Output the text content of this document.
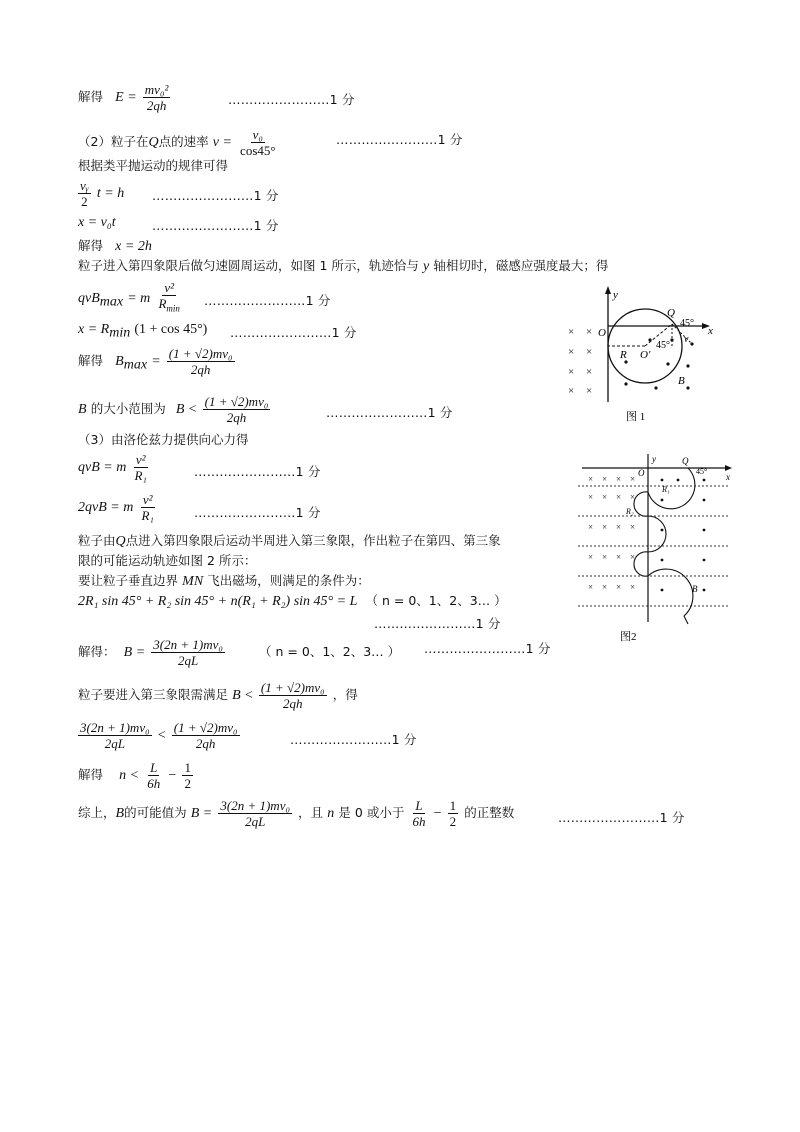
解得 $E = \frac{\text{mv₀²}}{2qh}$	……………………1 分
（2）粒子在Q点的速率 $v = \frac{\text{v₀}}{\cos 45^\circ}$	……………………1 分
根据类平抛运动的规律可得
$\frac{\text{vᵧ}}{2}$ t = h ……………………1 分
x = v₀t	……………………1 分
解得 x = 2h
粒子进入第四象限后做匀速圆周运动，如图 1 所示，轨迹恰与 y 轴相切时，磁感应强度最大；得
qvB$_{max}$ = m $\frac{\text{v²}}{R_{min}}$ ……………………1 分
$x = R_{min}$ (1 + cos 45°) ……………………1 分
解得 $B_{max} = \frac{\text{(1 + √2)mv₀}}{2qh}$
B 的大小范围为 $B < \frac{\text{(1 + √2)mv₀}}{2qh}$	……………………1 分
（3）由洛伦兹力提供向心力得
qvB = m $\frac{\text{v²}}{\text{R₁}}$	……………………1 分
2qvB = m $\frac{\text{v²}}{\text{R₁}}$	……………………1 分
粒子由Q点进入第四象限后运动半周进入第三象限，作出粒子在第四、第三象
限的可能运动轨迹如图 2 所示：
要让粒子垂直边界 MN 飞出磁场，则满足的条件为：
2R₁ sin 45° + R₂ sin 45° + n(R₁ + R₂) sin 45° = L （ n = 0、1、2、3… ）
……………………1 分
解得： $B = \frac{\text{3(2n + 1)mv₀}}{2qL}$	（ n = 0、1、2、3… ） ……………………1 分
粒子要进入第三象限需满足 $B < \frac{\text{(1 + √2)mv₀}}{2qh}$ ，得
$\frac{\text{3(2n + 1)mv₀}}{2qL} < \frac{\text{(1 + √2)mv₀}}{2qh}$	……………………1 分
解得 $n < \frac{L}{6h} - \frac{1}{2}$
综上，B的可能值为 $B = \frac{\text{3(2n + 1)mv₀}}{2qL}$ ，且 n 是 0 或小于 $\frac{L}{6h} - \frac{1}{2}$ 的正整数	……………………1 分
× ×
× ×
× ×
× ×
y
Q
45°
x
O
R O′
45°
v
B
图 1
× × × ×
× × × ×
× × × ×
× × × ×
× × × ×
y	Q
45°
x
O
R₁
R₂
B
图2
